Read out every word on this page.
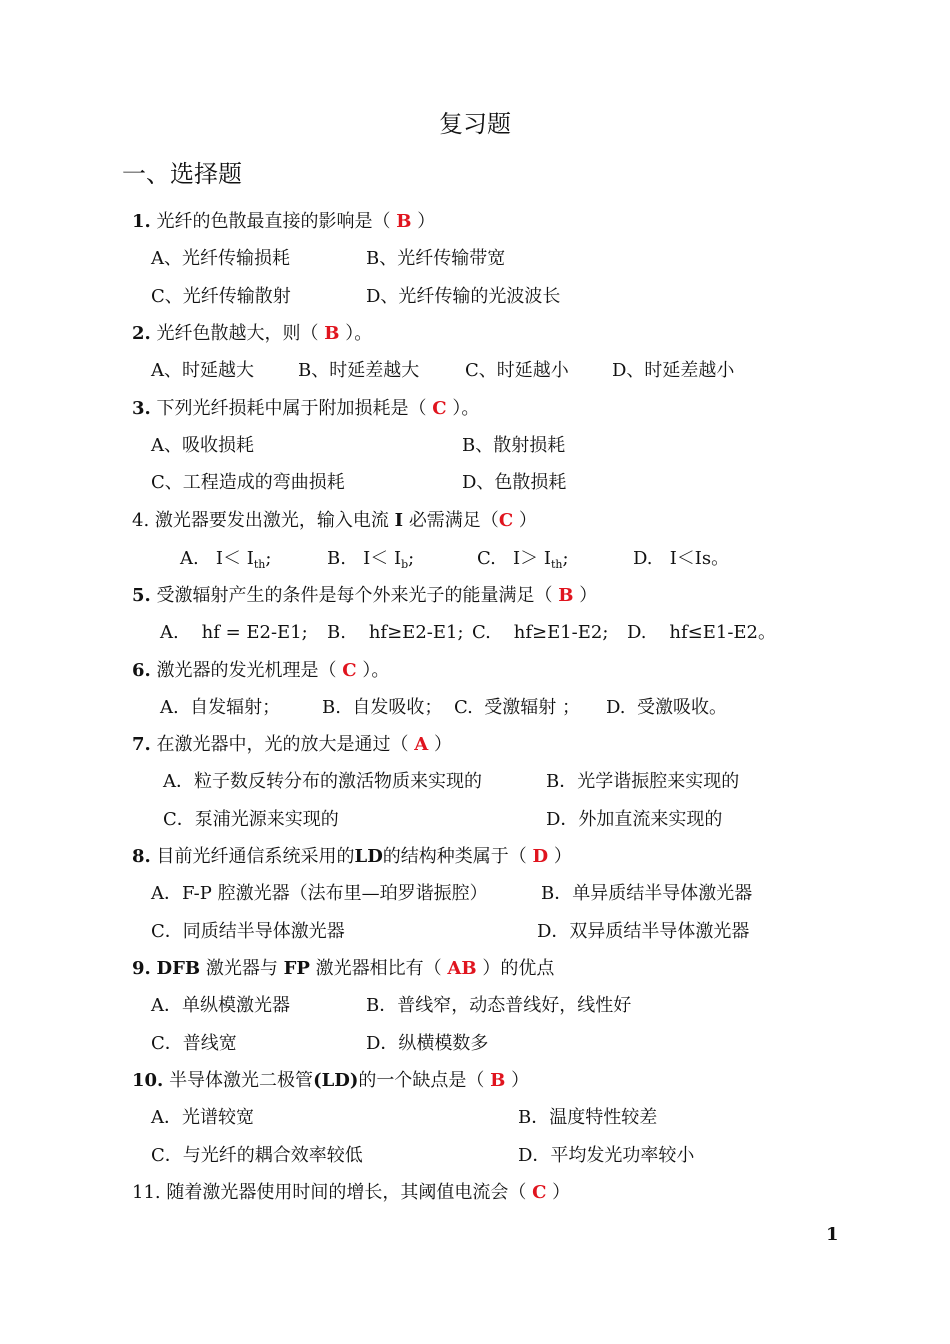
复习题
一、选择题
1. 光纤的色散最直接的影响是（ B ）
A、光纤传输损耗	B、光纤传输带宽
C、光纤传输散射	D、光纤传输的光波波长
2. 光纤色散越大，则（ B ）。
A、时延越大 B、时延差越大	C、时延越小 D、时延差越小
3. 下列光纤损耗中属于附加损耗是（ C ）。
A、吸收损耗	B、散射损耗
C、工程造成的弯曲损耗	D、色散损耗
4. 激光器要发出激光，输入电流 I 必需满足（C ）
A. $I< I_{th}$;	B. $I< I_b$;	C. $I> I_{th}$;	D. I＜Is。
5. 受激辐射产生的条件是每个外来光子的能量满足（ B ）
A.    hf = E2-E1; B.    hf≥E2-E1; C.    hf≥E1-E2; D.    hf≤E1-E2 。
6. 激光器的发光机理是（ C ）。
A.  自发辐射； B.  自发吸收； C.  受激辐射 ； D.  受激吸收。
7. 在激光器中，光的放大是通过（ A ）
A．粒子数反转分布的激活物质来实现的	B．光学谐振腔来实现的
C．泵浦光源来实现的	D．外加直流来实现的
8. 目前光纤通信系统采用的LD的结构种类属于（ D ）
A．F-P 腔激光器（法布里—珀罗谐振腔）	B．单异质结半导体激光器
C．同质结半导体激光器	D．双异质结半导体激光器
9. DFB 激光器与 FP 激光器相比有（ AB ）的优点
A．单纵模激光器	B．普线窄，动态普线好，线性好
C．普线宽	D．纵横模数多
10. 半导体激光二极管(LD)的一个缺点是（ B ）
A．光谱较宽	B．温度特性较差
C．与光纤的耦合效率较低	D．平均发光功率较小
11. 随着激光器使用时间的增长，其阈值电流会（ C ）
1
